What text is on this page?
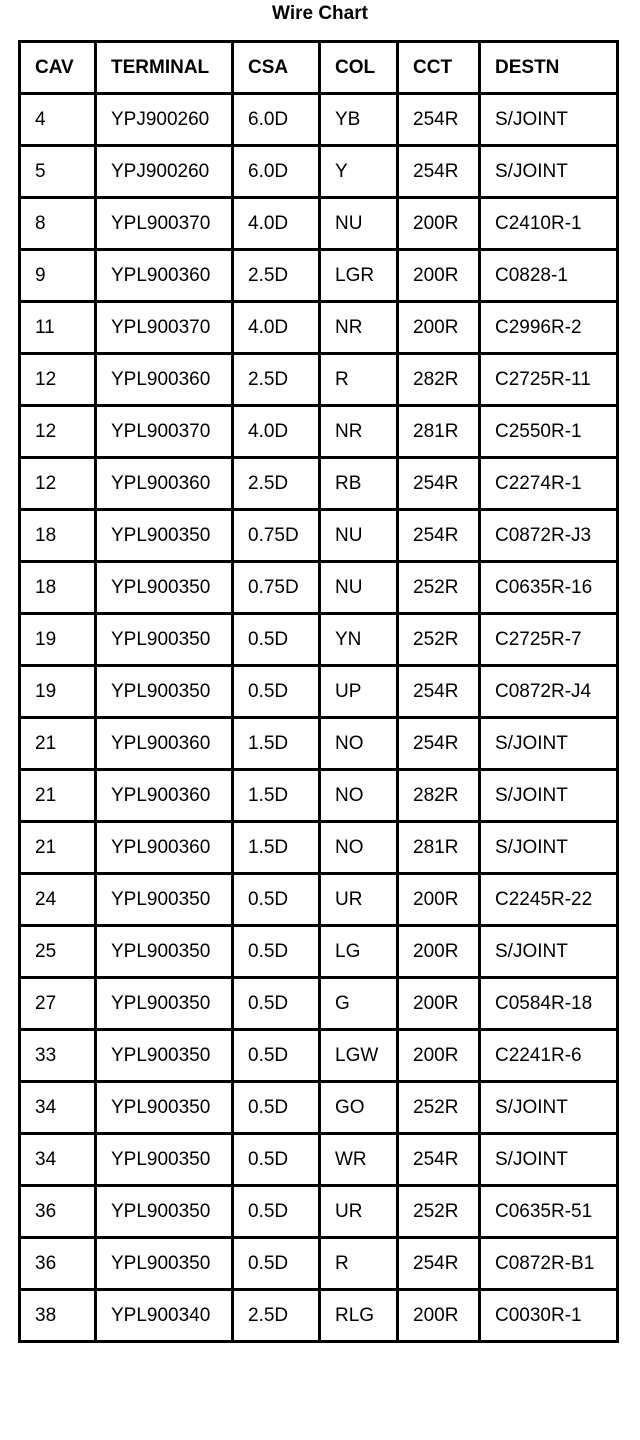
Wire Chart
CAV	TERMINAL	CSA	COL	CCT	DESTN
4	YPJ900260	6.0D	YB	254R	S/JOINT
5	YPJ900260	6.0D	Y	254R	S/JOINT
8	YPL900370	4.0D	NU	200R	C2410R-1
9	YPL900360	2.5D	LGR	200R	C0828-1
11	YPL900370	4.0D	NR	200R	C2996R-2
12	YPL900360	2.5D	R	282R	C2725R-11
12	YPL900370	4.0D	NR	281R	C2550R-1
12	YPL900360	2.5D	RB	254R	C2274R-1
18	YPL900350	0.75D	NU	254R	C0872R-J3
18	YPL900350	0.75D	NU	252R	C0635R-16
19	YPL900350	0.5D	YN	252R	C2725R-7
19	YPL900350	0.5D	UP	254R	C0872R-J4
21	YPL900360	1.5D	NO	254R	S/JOINT
21	YPL900360	1.5D	NO	282R	S/JOINT
21	YPL900360	1.5D	NO	281R	S/JOINT
24	YPL900350	0.5D	UR	200R	C2245R-22
25	YPL900350	0.5D	LG	200R	S/JOINT
27	YPL900350	0.5D	G	200R	C0584R-18
33	YPL900350	0.5D	LGW	200R	C2241R-6
34	YPL900350	0.5D	GO	252R	S/JOINT
34	YPL900350	0.5D	WR	254R	S/JOINT
36	YPL900350	0.5D	UR	252R	C0635R-51
36	YPL900350	0.5D	R	254R	C0872R-B1
38	YPL900340	2.5D	RLG	200R	C0030R-1
